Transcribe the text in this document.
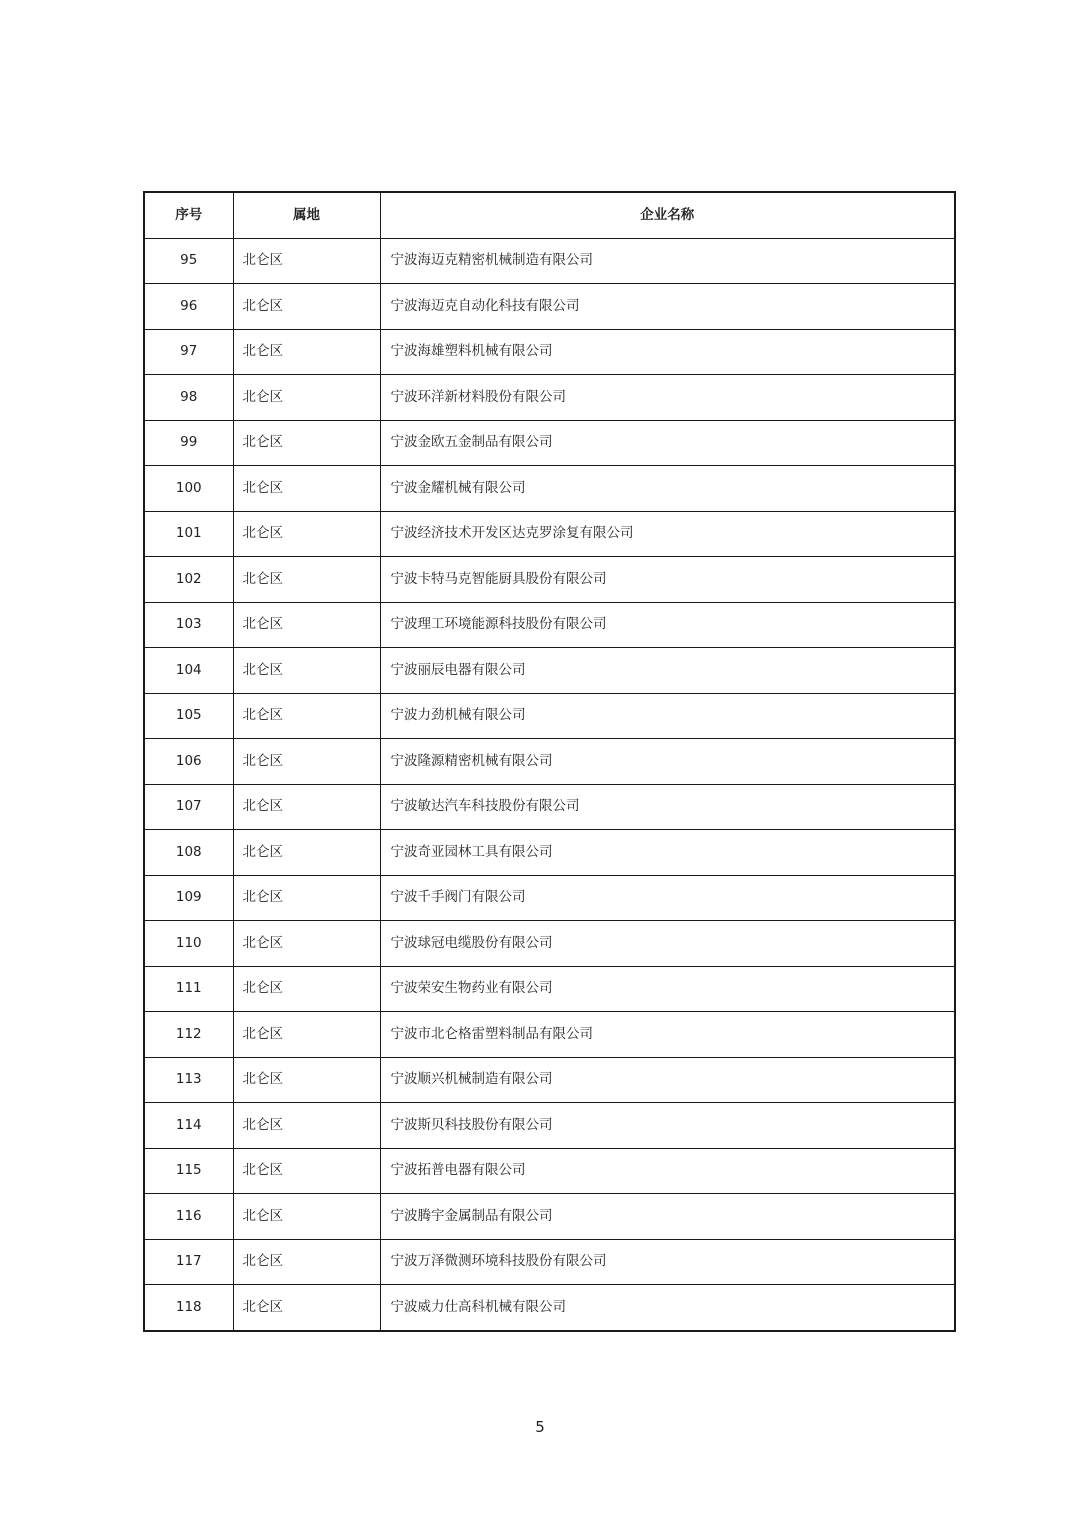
序号	属地	企业名称
95	北仑区	宁波海迈克精密机械制造有限公司
96	北仑区	宁波海迈克自动化科技有限公司
97	北仑区	宁波海雄塑料机械有限公司
98	北仑区	宁波环洋新材料股份有限公司
99	北仑区	宁波金欧五金制品有限公司
100	北仑区	宁波金耀机械有限公司
101	北仑区	宁波经济技术开发区达克罗涂复有限公司
102	北仑区	宁波卡特马克智能厨具股份有限公司
103	北仑区	宁波理工环境能源科技股份有限公司
104	北仑区	宁波丽辰电器有限公司
105	北仑区	宁波力劲机械有限公司
106	北仑区	宁波隆源精密机械有限公司
107	北仑区	宁波敏达汽车科技股份有限公司
108	北仑区	宁波奇亚园林工具有限公司
109	北仑区	宁波千手阀门有限公司
110	北仑区	宁波球冠电缆股份有限公司
111	北仑区	宁波荣安生物药业有限公司
112	北仑区	宁波市北仑格雷塑料制品有限公司
113	北仑区	宁波顺兴机械制造有限公司
114	北仑区	宁波斯贝科技股份有限公司
115	北仑区	宁波拓普电器有限公司
116	北仑区	宁波腾宇金属制品有限公司
117	北仑区	宁波万泽微测环境科技股份有限公司
118	北仑区	宁波威力仕高科机械有限公司
5
